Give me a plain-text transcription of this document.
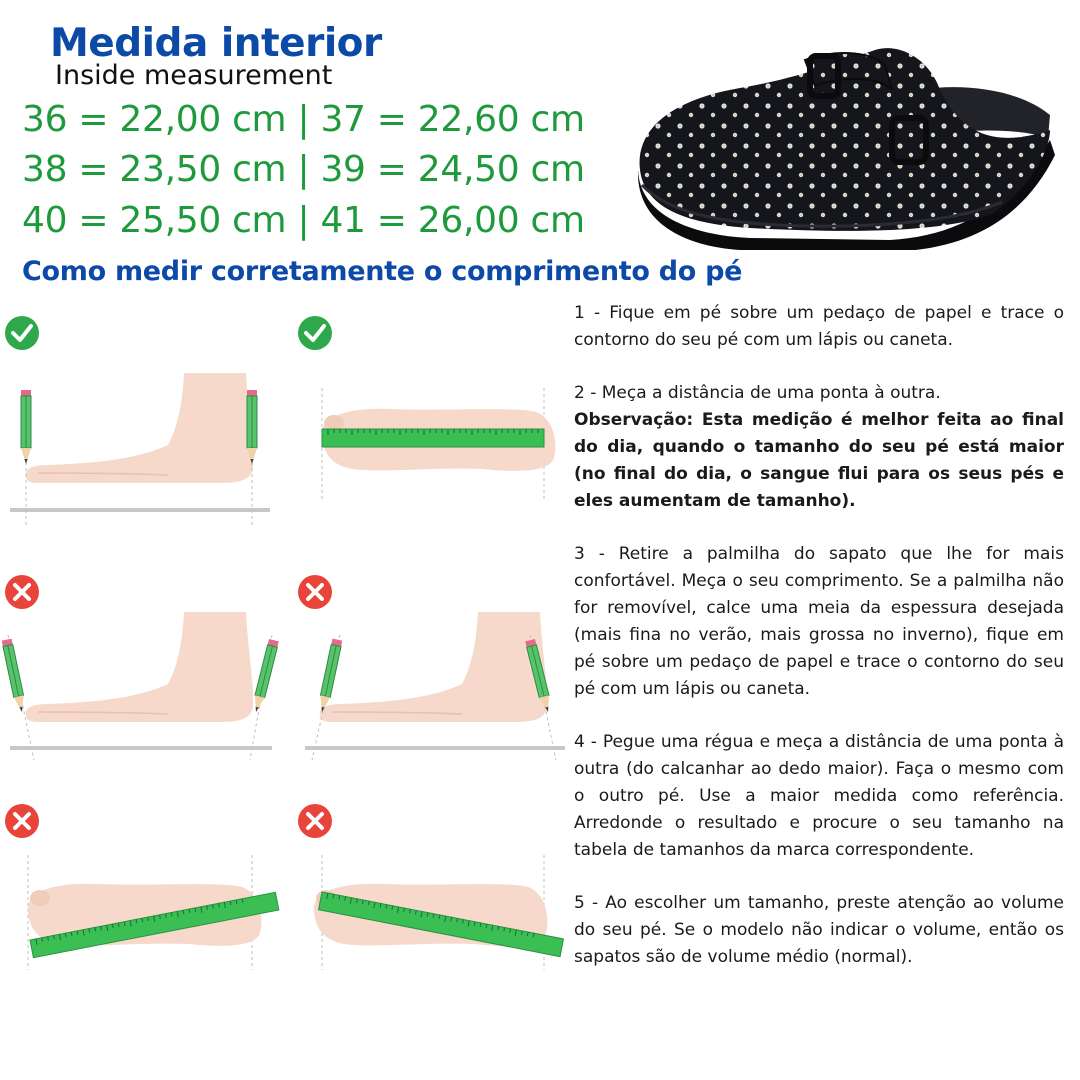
Medida interior
Inside measurement
36 = 22,00 cm | 37 = 22,60 cm
38 = 23,50 cm | 39 = 24,50 cm
40 = 25,50 cm | 41 = 26,00 cm
Como medir corretamente o comprimento do pé

1 - Fique em pé sobre um pedaço de papel e trace o contorno do seu pé com um lápis ou caneta.

2 - Meça a distância de uma ponta à outra.
Observação: Esta medição é melhor feita ao final do dia, quando o tamanho do seu pé está maior (no final do dia, o sangue flui para os seus pés e eles aumentam de tamanho).

3 - Retire a palmilha do sapato que lhe for mais confortável. Meça o seu comprimento. Se a palmilha não for removível, calce uma meia da espessura desejada (mais fina no verão, mais grossa no inverno), fique em pé sobre um pedaço de papel e trace o contorno do seu pé com um lápis ou caneta.

4 - Pegue uma régua e meça a distância de uma ponta à outra (do calcanhar ao dedo maior). Faça o mesmo com o outro pé. Use a maior medida como referência. Arredonde o resultado e procure o seu tamanho na tabela de tamanhos da marca correspondente.

5 - Ao escolher um tamanho, preste atenção ao volume do seu pé. Se o modelo não indicar o volume, então os sapatos são de volume médio (normal).
